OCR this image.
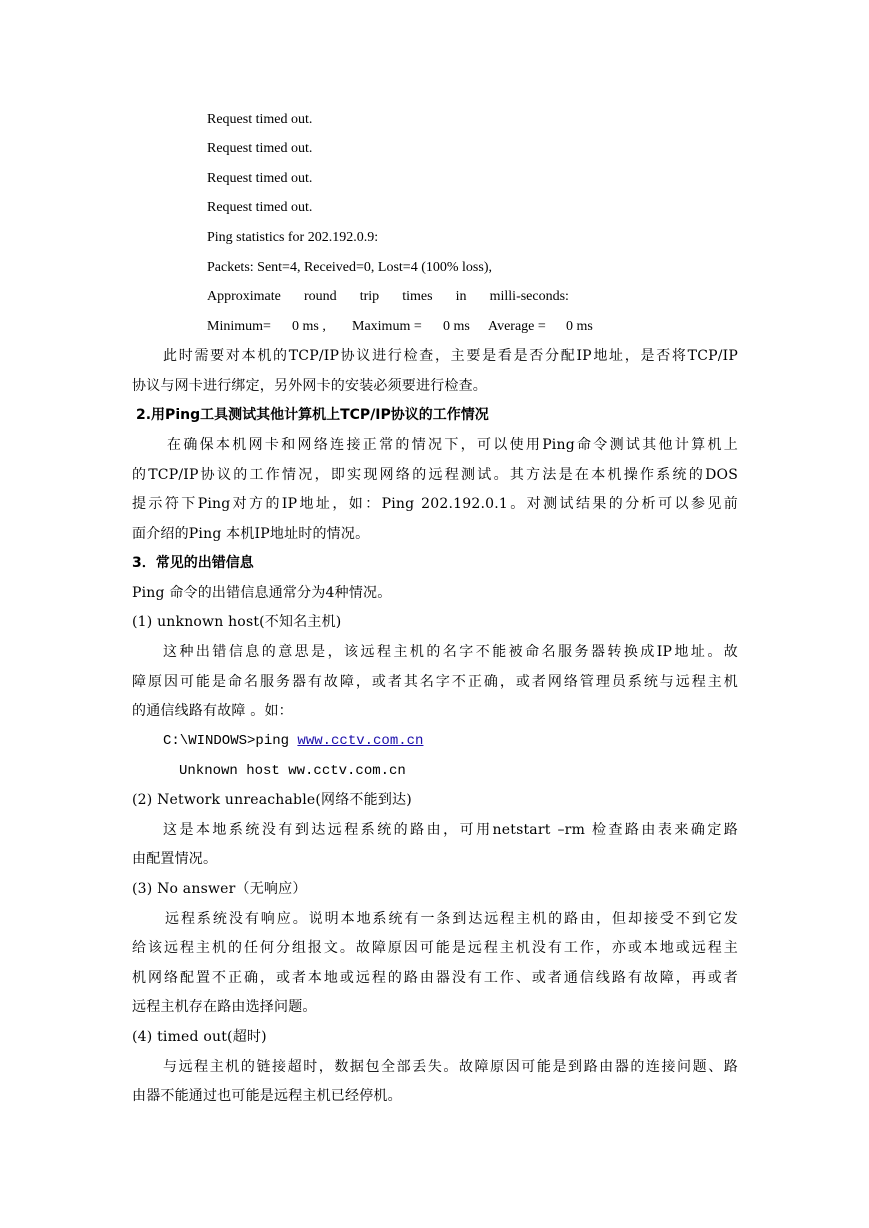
Request timed out.
Request timed out.
Request timed out.
Request timed out.
Ping statistics for 202.192.0.9:
Packets: Sent=4, Received=0, Lost=4 (100% loss),
Approximate round trip times in milli-seconds:
Minimum= 0 ms , Maximum = 0 ms Average = 0 ms
此时需要对本机的TCP/IP协议进行检查，主要是看是否分配IP地址，是否将TCP/IP
协议与网卡进行绑定，另外网卡的安装必须要进行检查。
2.用Ping工具测试其他计算机上TCP/IP协议的工作情况
在确保本机网卡和网络连接正常的情况下，可以使用Ping命令测试其他计算机上
的TCP/IP协议的工作情况，即实现网络的远程测试。其方法是在本机操作系统的DOS
提示符下Ping对方的IP地址，如：Ping 202.192.0.1。对测试结果的分析可以参见前
面介绍的Ping 本机IP地址时的情况。
3．常见的出错信息
Ping 命令的出错信息通常分为4种情况。
(1) unknown host(不知名主机)
这种出错信息的意思是，该远程主机的名字不能被命名服务器转换成IP地址。故
障原因可能是命名服务器有故障，或者其名字不正确，或者网络管理员系统与远程主机
的通信线路有故障 。如：
C:\WINDOWS>ping www.cctv.com.cn
Unknown host ww.cctv.com.cn
(2) Network unreachable(网络不能到达)
这是本地系统没有到达远程系统的路由，可用netstart –rm 检查路由表来确定路
由配置情况。
(3) No answer（无响应）
远程系统没有响应。说明本地系统有一条到达远程主机的路由，但却接受不到它发
给该远程主机的任何分组报文。故障原因可能是远程主机没有工作，亦或本地或远程主
机网络配置不正确，或者本地或远程的路由器没有工作、或者通信线路有故障，再或者
远程主机存在路由选择问题。
(4) timed out(超时)
与远程主机的链接超时，数据包全部丢失。故障原因可能是到路由器的连接问题、路
由器不能通过也可能是远程主机已经停机。
